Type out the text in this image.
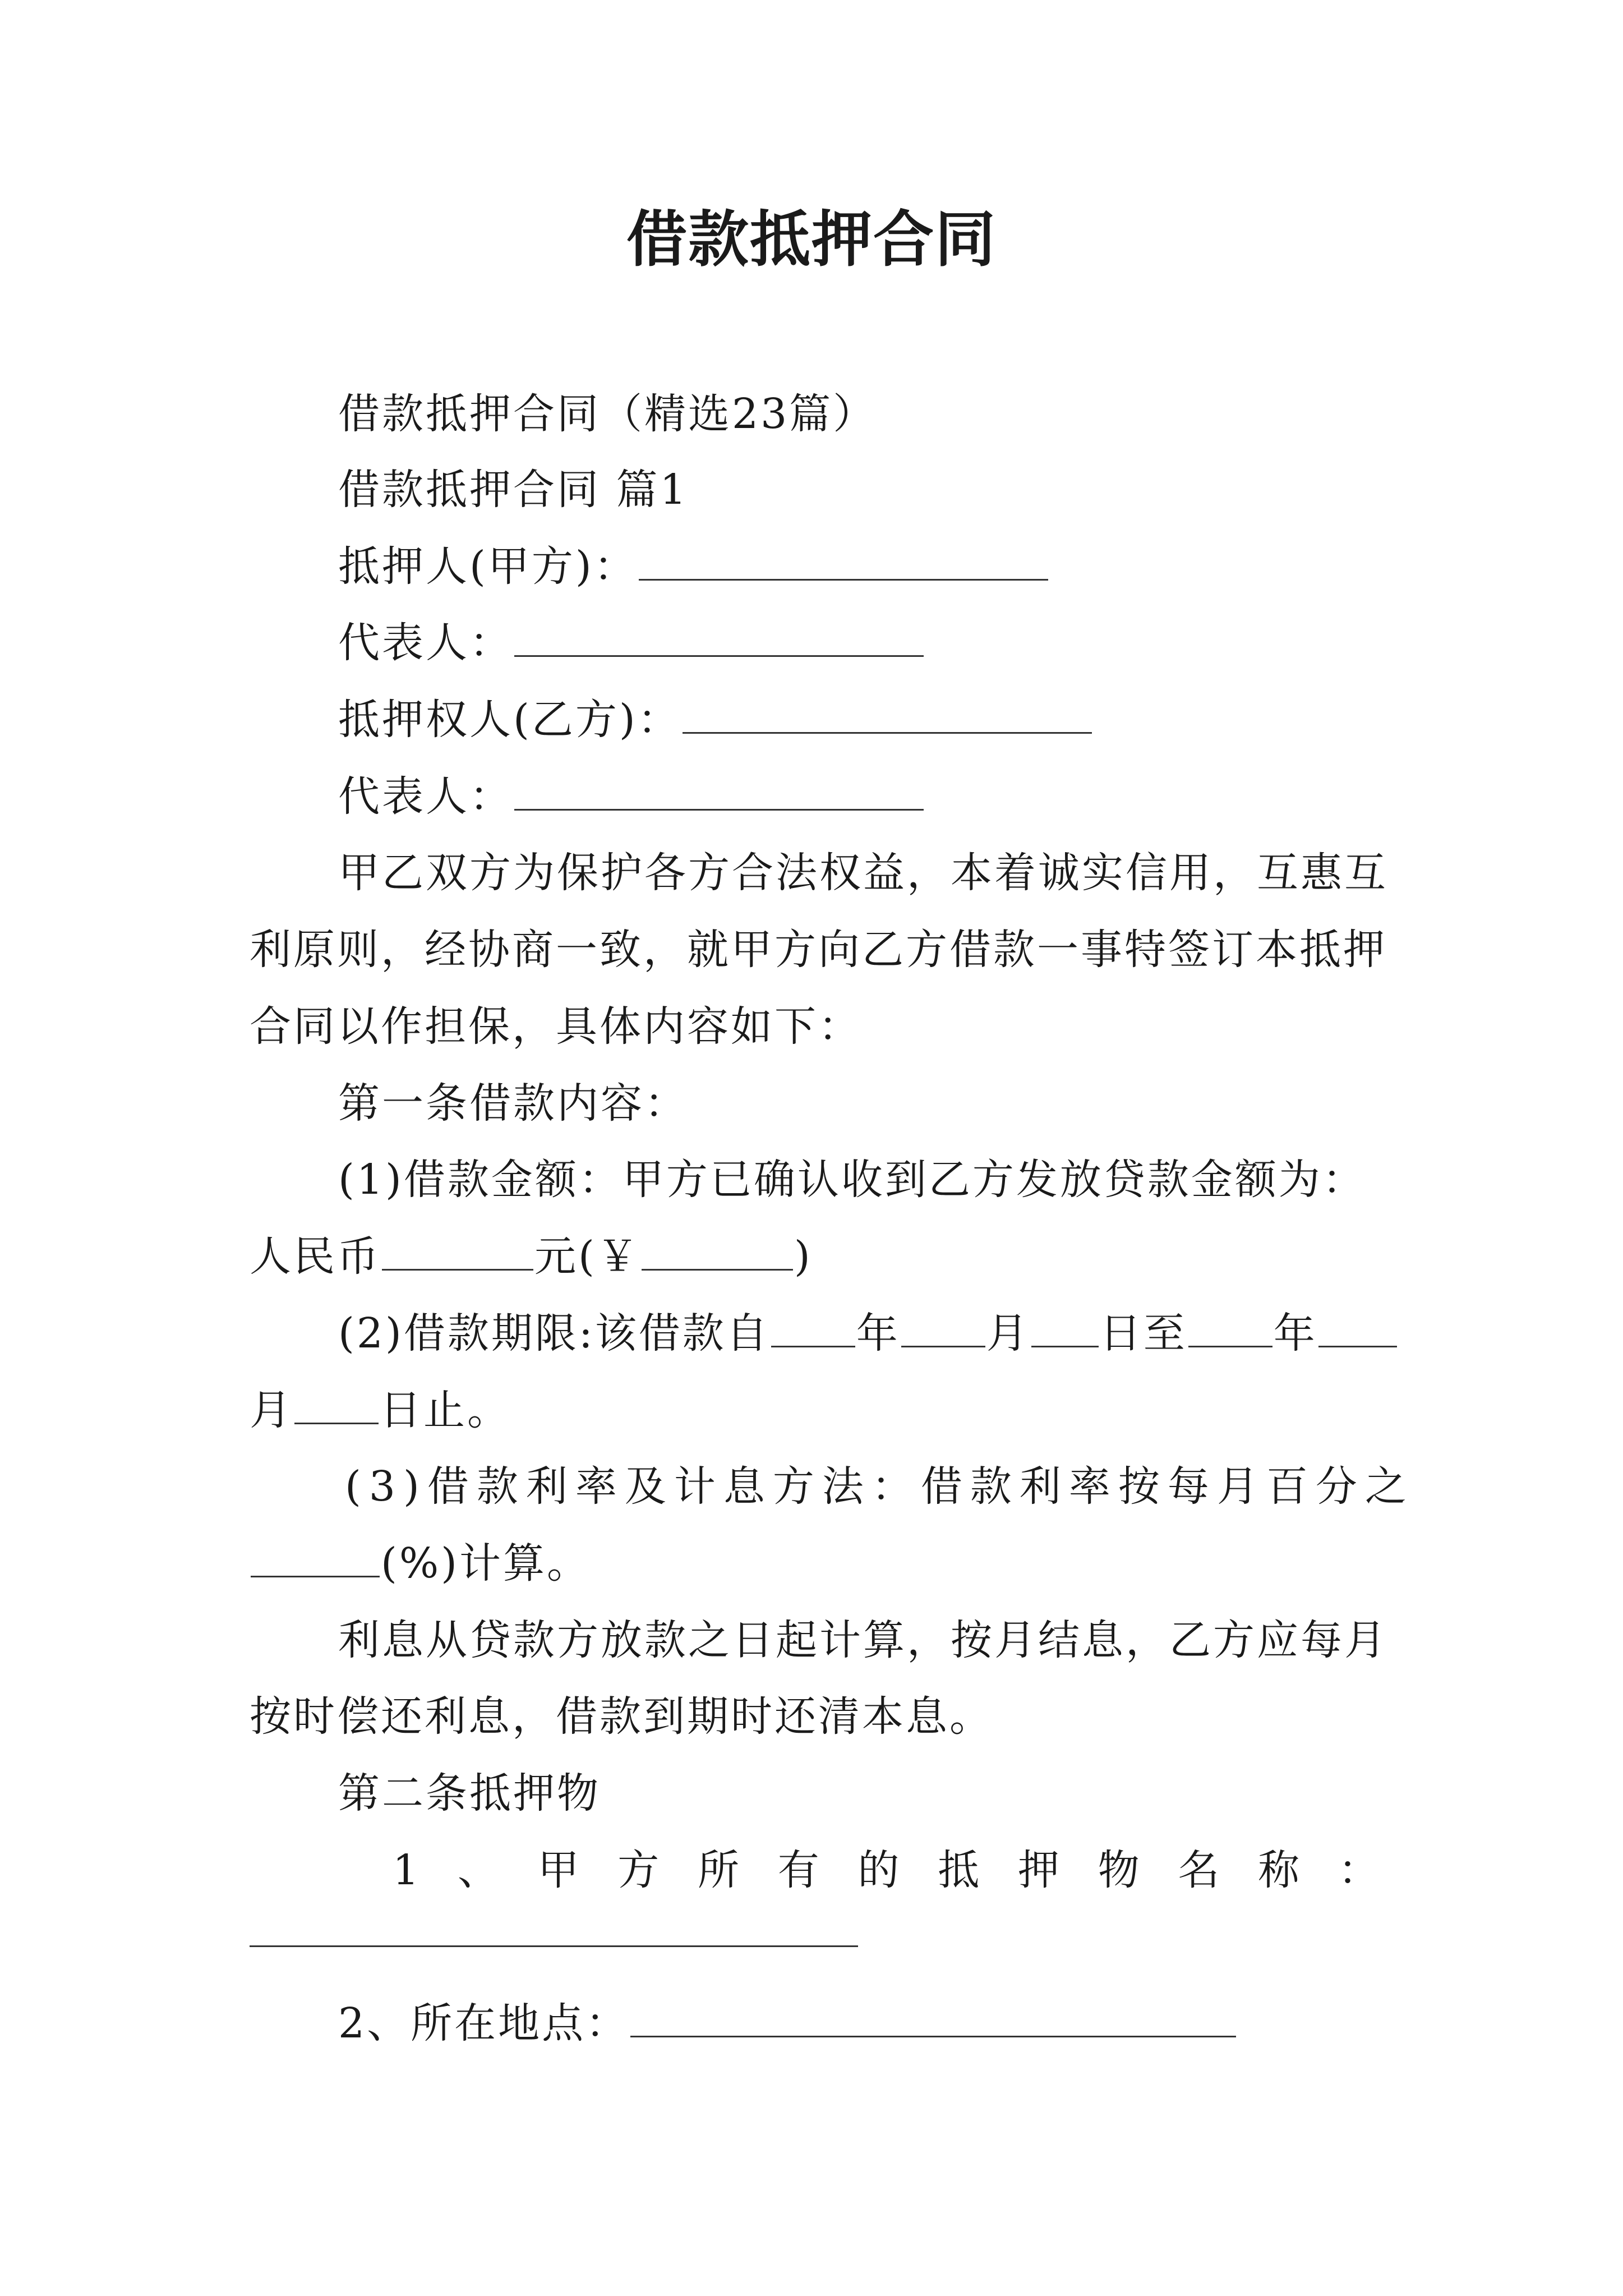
借款抵押合同
借款抵押合同（精选23篇）
借款抵押合同 篇1
抵押人(甲方)：
代表人：
抵押权人(乙方)：
代表人：
甲乙双方为保护各方合法权益，本着诚实信用，互惠互
利原则，经协商一致，就甲方向乙方借款一事特签订本抵押
合同以作担保，具体内容如下：
第一条借款内容：
(1)借款金额：甲方已确认收到乙方发放贷款金额为：
人民币	元(￥	)
(2)借款期限:该借款自 年 月 日至 年
月 日止。
(3)借款利率及计息方法：借款利率按每月百分之
(%)计算。
利息从贷款方放款之日起计算，按月结息，乙方应每月
按时偿还利息，借款到期时还清本息。
第二条抵押物
1 、 甲 方 所 有 的 抵 押 物 名 称 ：
2、所在地点：
